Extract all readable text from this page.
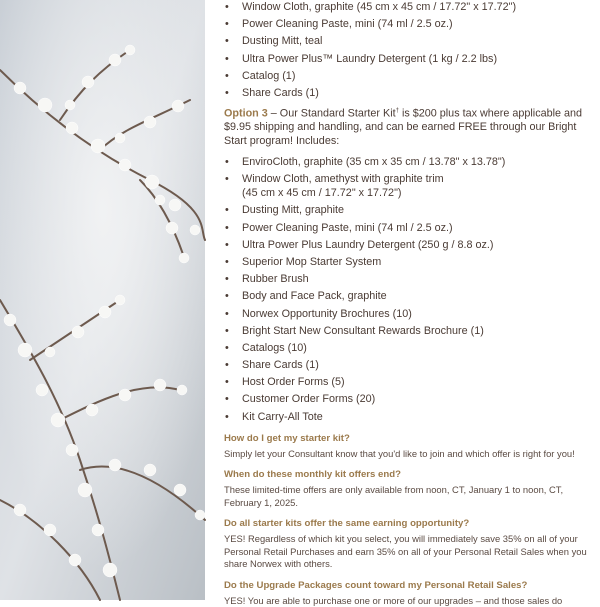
• Window Cloth, graphite (45 cm x 45 cm / 17.72" x 17.72")
• Power Cleaning Paste, mini (74 ml / 2.5 oz.)
• Dusting Mitt, teal
• Ultra Power Plus™ Laundry Detergent (1 kg / 2.2 lbs)
• Catalog (1)
• Share Cards (1)

Option 3 – Our Standard Starter Kit† is $200 plus tax where applicable and $9.95 shipping and handling, and can be earned FREE through our Bright Start program! Includes:

• EnviroCloth, graphite (35 cm x 35 cm / 13.78" x 13.78")
• Window Cloth, amethyst with graphite trim
(45 cm x 45 cm / 17.72" x 17.72")
• Dusting Mitt, graphite
• Power Cleaning Paste, mini (74 ml / 2.5 oz.)
• Ultra Power Plus Laundry Detergent (250 g / 8.8 oz.)
• Superior Mop Starter System
• Rubber Brush
• Body and Face Pack, graphite
• Norwex Opportunity Brochures (10)
• Bright Start New Consultant Rewards Brochure (1)
• Catalogs (10)
• Share Cards (1)
• Host Order Forms (5)
• Customer Order Forms (20)
• Kit Carry-All Tote
How do I get my starter kit?

Simply let your Consultant know that you'd like to join and which offer is right for you!

When do these monthly kit offers end?

These limited-time offers are only available from noon, CT, January 1 to noon, CT, February 1, 2025.

Do all starter kits offer the same earning opportunity?

YES! Regardless of which kit you select, you will immediately save 35% on all of your Personal Retail Purchases and earn 35% on all of your Personal Retail Sales when you share Norwex with others.

Do the Upgrade Packages count toward my Personal Retail Sales?

YES! You are able to purchase one or more of our upgrades – and those sales do
